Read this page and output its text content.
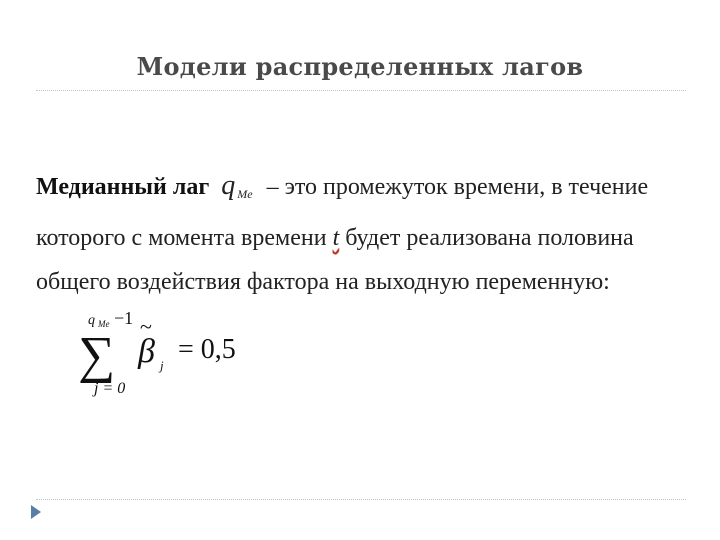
Модели распределенных лагов
Медианный лаг q $_{Me}$ – это промежуток времени, в течение которого с момента времени t будет реализована половина общего воздействия фактора на выходную переменную:
q Me −1
∑
j = 0
~
β j
= 0,5
